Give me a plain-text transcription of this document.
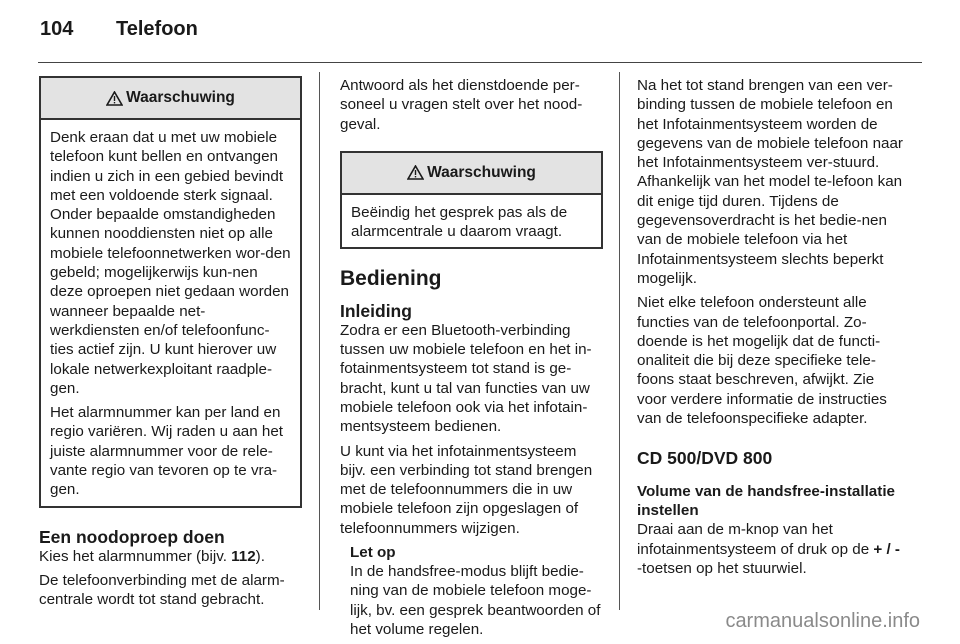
104 Telefoon
Waarschuwing

Denk eraan dat u met uw mobiele telefoon kunt bellen en ontvangen indien u zich in een gebied bevindt met een voldoende sterk signaal. Onder bepaalde omstandigheden kunnen nooddiensten niet op alle mobiele telefoonnetwerken wor-den gebeld; mogelijkerwijs kun-nen deze oproepen niet gedaan worden wanneer bepaalde net-werkdiensten en/of telefoonfunc-ties actief zijn. U kunt hierover uw lokale netwerkexploitant raadple-gen.

Het alarmnummer kan per land en regio variëren. Wij raden u aan het juiste alarmnummer voor de rele-vante regio van tevoren op te vra-gen.

Een noodoproep doen

Kies het alarmnummer (bijv. 112).

De telefoonverbinding met de alarm-centrale wordt tot stand gebracht.

Antwoord als het dienstdoende per-soneel u vragen stelt over het nood-geval.

Waarschuwing

Beëindig het gesprek pas als de alarmcentrale u daarom vraagt.

Bediening
Inleiding

Zodra er een Bluetooth-verbinding tussen uw mobiele telefoon en het in-fotainmentsysteem tot stand is ge-bracht, kunt u tal van functies van uw mobiele telefoon ook via het infotain-mentsysteem bedienen.

U kunt via het infotainmentsysteem bijv. een verbinding tot stand brengen met de telefoonnummers die in uw mobiele telefoon zijn opgeslagen of telefoonnummers wijzigen.

Let op

In de handsfree-modus blijft bedie-ning van de mobiele telefoon moge-lijk, bv. een gesprek beantwoorden of het volume regelen.

Na het tot stand brengen van een ver-binding tussen de mobiele telefoon en het Infotainmentsysteem worden de gegevens van de mobiele telefoon naar het Infotainmentsysteem ver-stuurd. Afhankelijk van het model te-lefoon kan dit enige tijd duren. Tijdens de gegevensoverdracht is het bedie-nen van de mobiele telefoon via het Infotainmentsysteem slechts beperkt mogelijk.

Niet elke telefoon ondersteunt alle functies van de telefoonportal. Zo-doende is het mogelijk dat de functi-onaliteit die bij deze specifieke tele-foons staat beschreven, afwijkt. Zie voor verdere informatie de instructies van de telefoonspecifieke adapter.

CD 500/DVD 800
Volume van de handsfree-installatie instellen

Draai aan de m-knop van het infotainmentsysteem of druk op de + / - -toetsen op het stuurwiel.

carmanualsonline.info
